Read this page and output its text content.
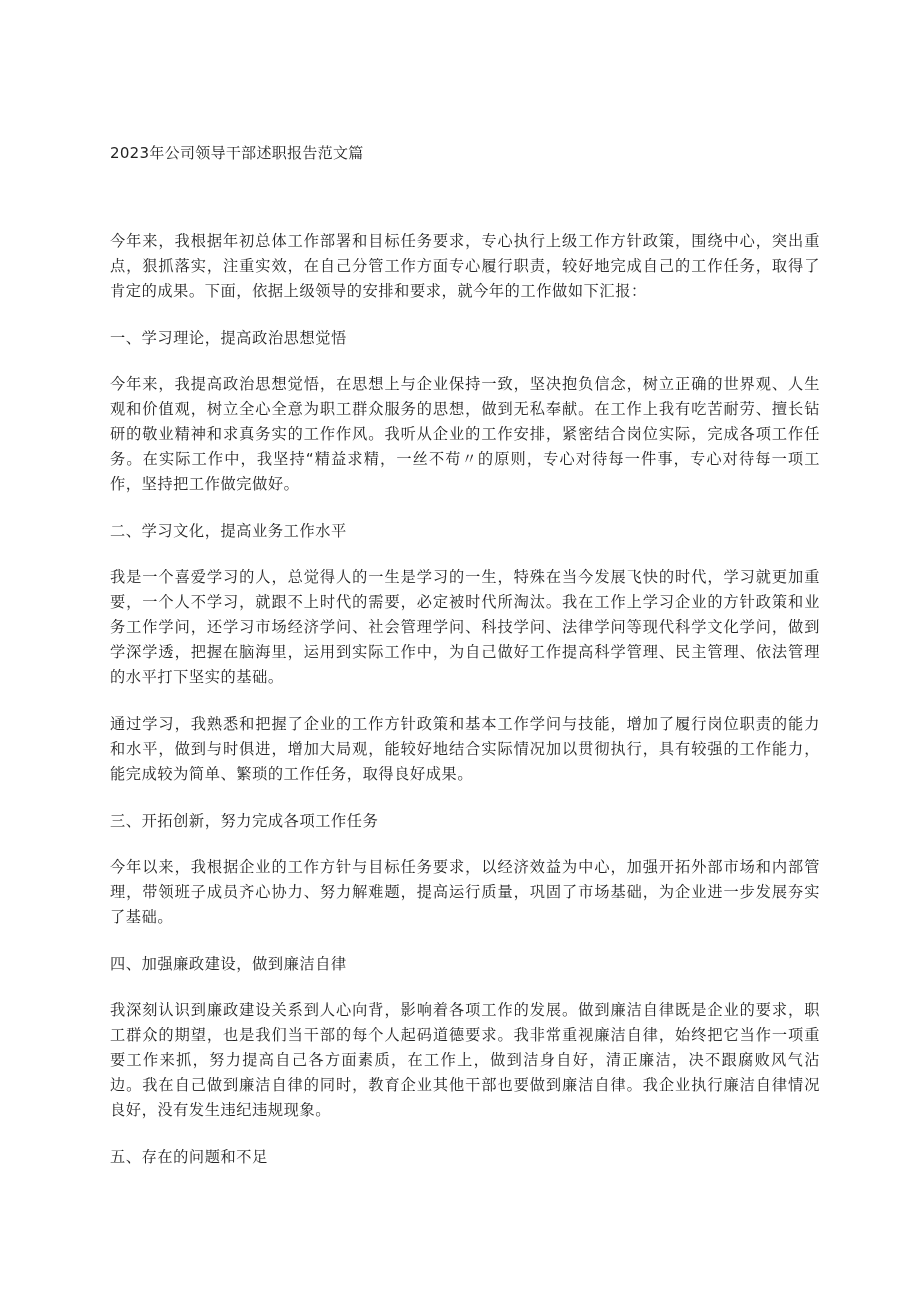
2023年公司领导干部述职报告范文篇

今年来，我根据年初总体工作部署和目标任务要求，专心执行上级工作方针政策，围绕中心，突出重点，狠抓落实，注重实效，在自己分管工作方面专心履行职责，较好地完成自己的工作任务，取得了肯定的成果。下面，依据上级领导的安排和要求，就今年的工作做如下汇报：

一、学习理论，提高政治思想觉悟

今年来，我提高政治思想觉悟，在思想上与企业保持一致，坚决抱负信念，树立正确的世界观、人生观和价值观，树立全心全意为职工群众服务的思想，做到无私奉献。在工作上我有吃苦耐劳、擅长钻研的敬业精神和求真务实的工作作风。我听从企业的工作安排，紧密结合岗位实际，完成各项工作任务。在实际工作中，我坚持“精益求精，一丝不苟〃的原则，专心对待每一件事，专心对待每一项工作，坚持把工作做完做好。

二、学习文化，提高业务工作水平

我是一个喜爱学习的人，总觉得人的一生是学习的一生，特殊在当今发展飞快的时代，学习就更加重要，一个人不学习，就跟不上时代的需要，必定被时代所淘汰。我在工作上学习企业的方针政策和业务工作学问，还学习市场经济学问、社会管理学问、科技学问、法律学问等现代科学文化学问，做到学深学透，把握在脑海里，运用到实际工作中，为自己做好工作提高科学管理、民主管理、依法管理的水平打下坚实的基础。

通过学习，我熟悉和把握了企业的工作方针政策和基本工作学问与技能，增加了履行岗位职责的能力和水平，做到与时俱进，增加大局观，能较好地结合实际情况加以贯彻执行，具有较强的工作能力，能完成较为简单、繁琐的工作任务，取得良好成果。

三、开拓创新，努力完成各项工作任务

今年以来，我根据企业的工作方针与目标任务要求，以经济效益为中心，加强开拓外部市场和内部管理，带领班子成员齐心协力、努力解难题，提高运行质量，巩固了市场基础，为企业进一步发展夯实了基础。

四、加强廉政建设，做到廉洁自律

我深刻认识到廉政建设关系到人心向背，影响着各项工作的发展。做到廉洁自律既是企业的要求，职工群众的期望，也是我们当干部的每个人起码道德要求。我非常重视廉洁自律，始终把它当作一项重要工作来抓，努力提高自己各方面素质，在工作上，做到洁身自好，清正廉洁，决不跟腐败风气沾边。我在自己做到廉洁自律的同时，教育企业其他干部也要做到廉洁自律。我企业执行廉洁自律情况良好，没有发生违纪违规现象。

五、存在的问题和不足
